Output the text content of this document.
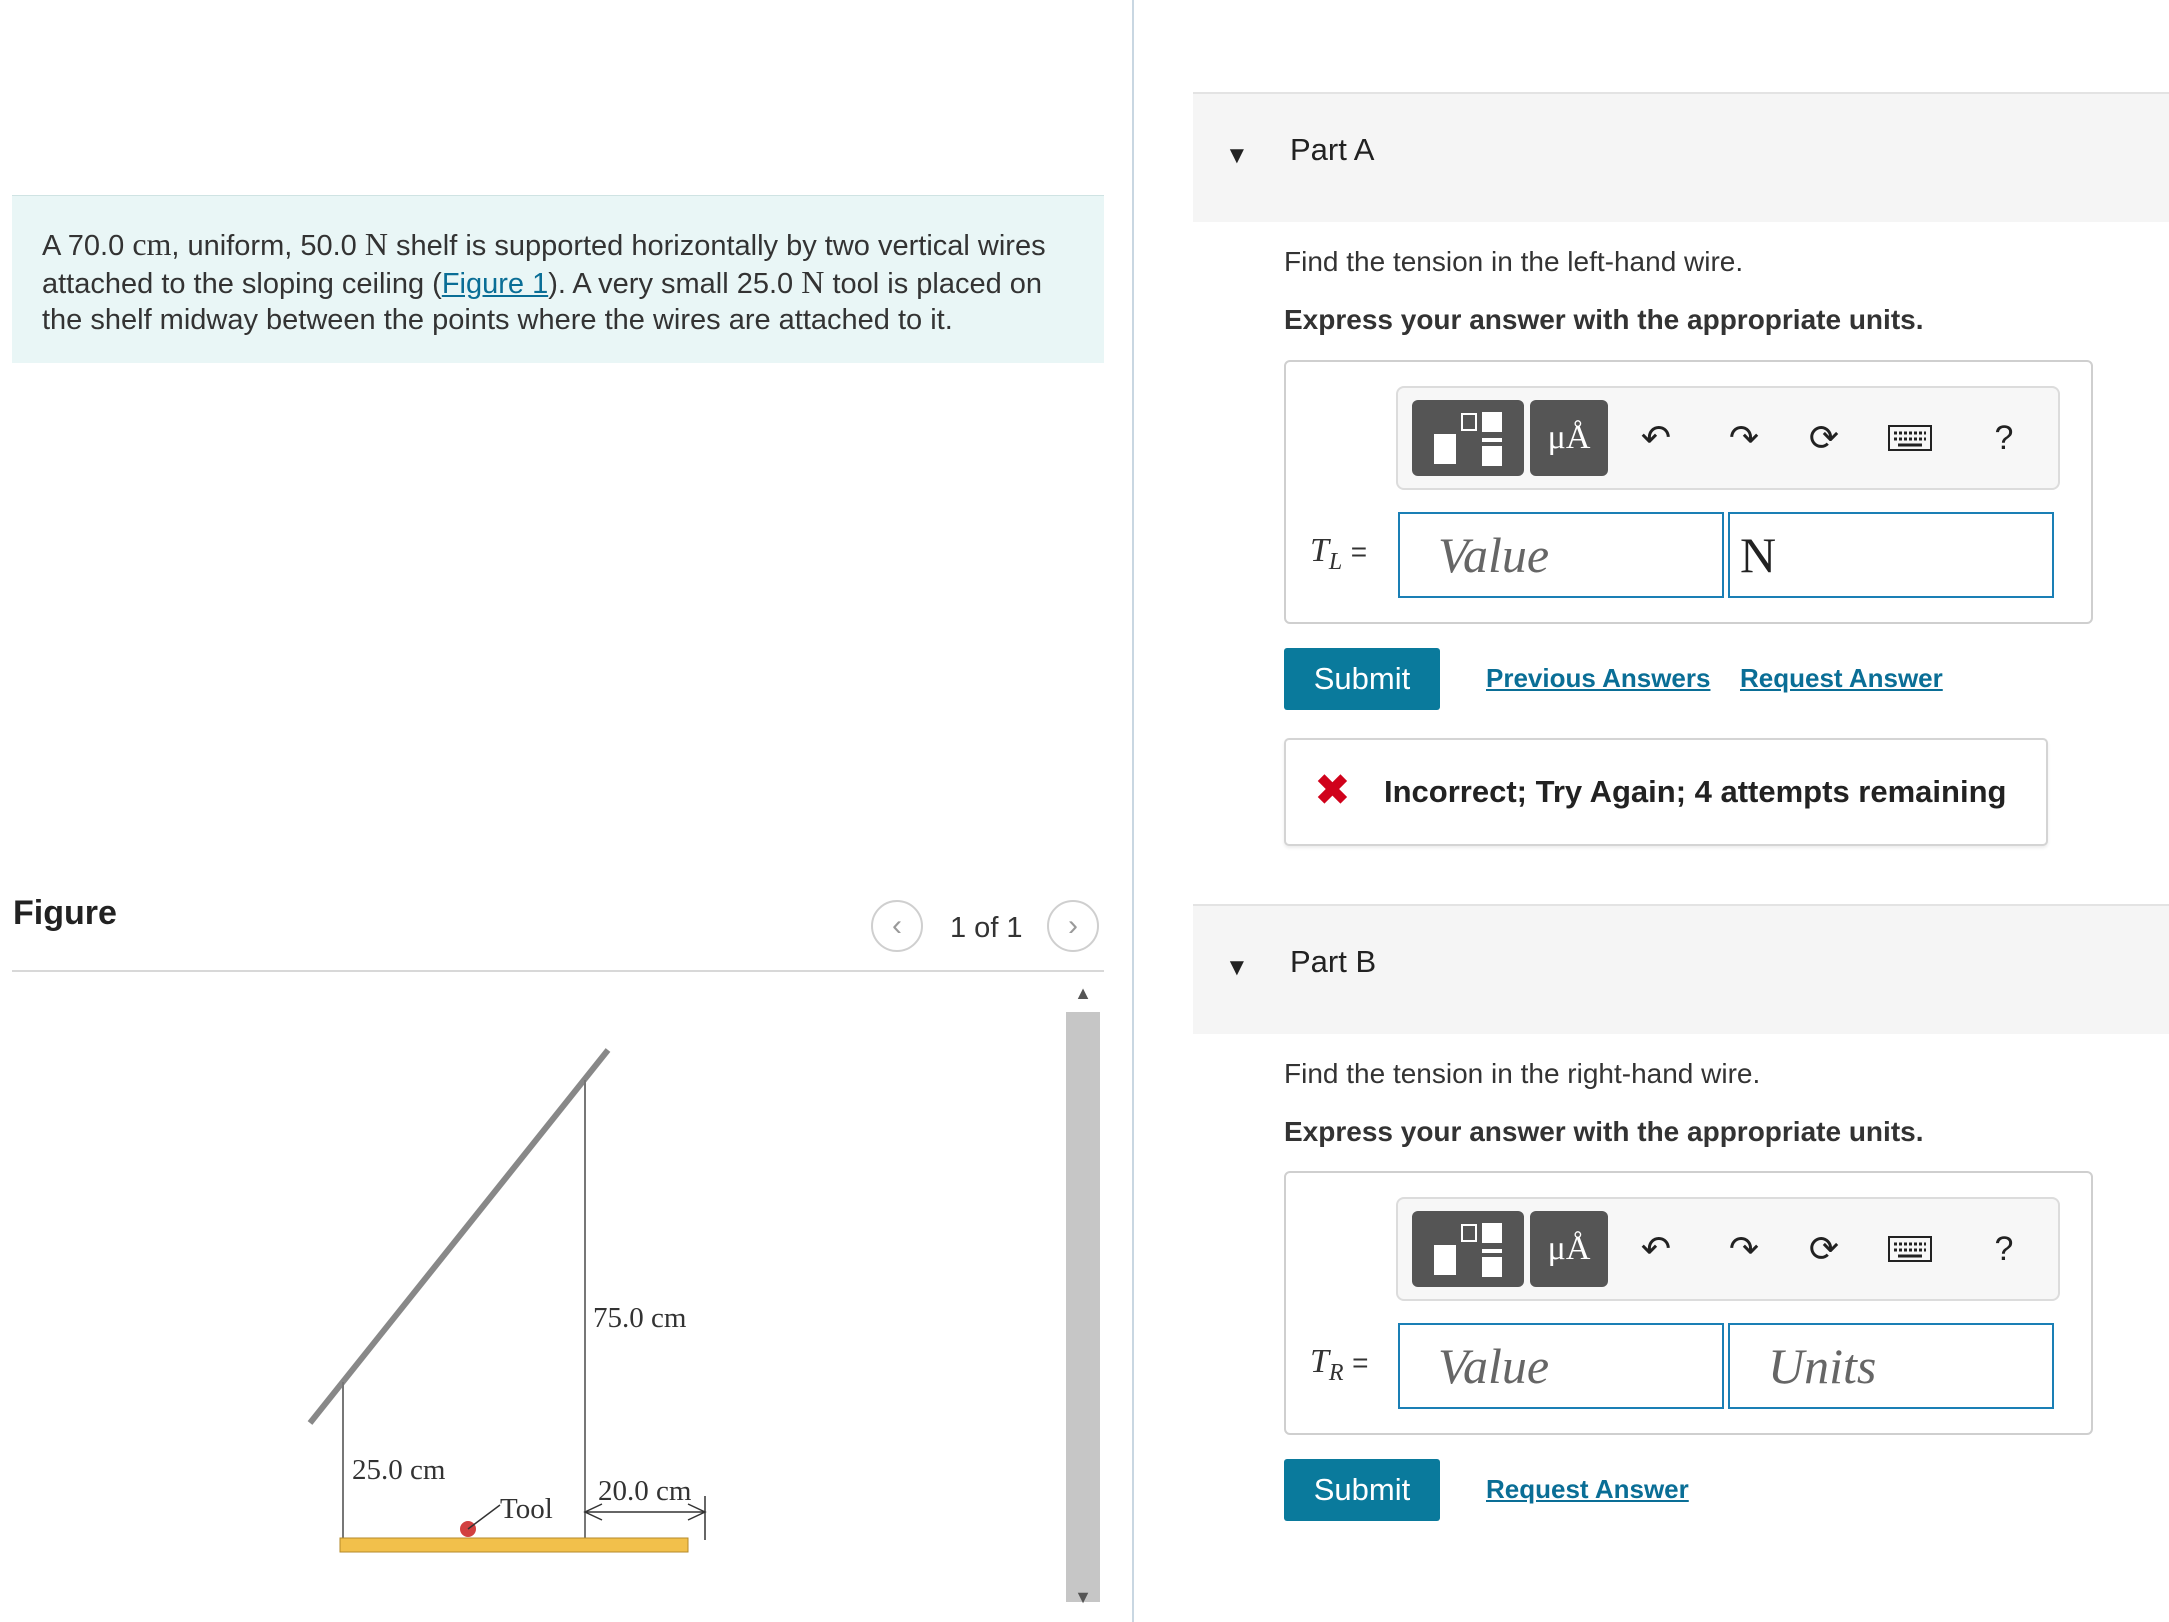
A 70.0 cm, uniform, 50.0 N shelf is supported horizontally by two vertical wires attached to the sloping ceiling (Figure 1). A very small 25.0 N tool is placed on the shelf midway between the points where the wires are attached to it.
Figure	‹ 1 of 1 ›
25.0 cm
75.0 cm
20.0 cm
Tool
▲
▼
▼ Part A
Find the tension in the left-hand wire.
Express your answer with the appropriate units.
μÅ	↶	↷	⟳	?
$T_L$ =	Value	N
Submit	Previous Answers Request Answer
✖ Incorrect; Try Again; 4 attempts remaining
▼ Part B
Find the tension in the right-hand wire.
Express your answer with the appropriate units.
μÅ	↶	↷	⟳	?
$T_R$ =	Value	Units
Submit	Request Answer
